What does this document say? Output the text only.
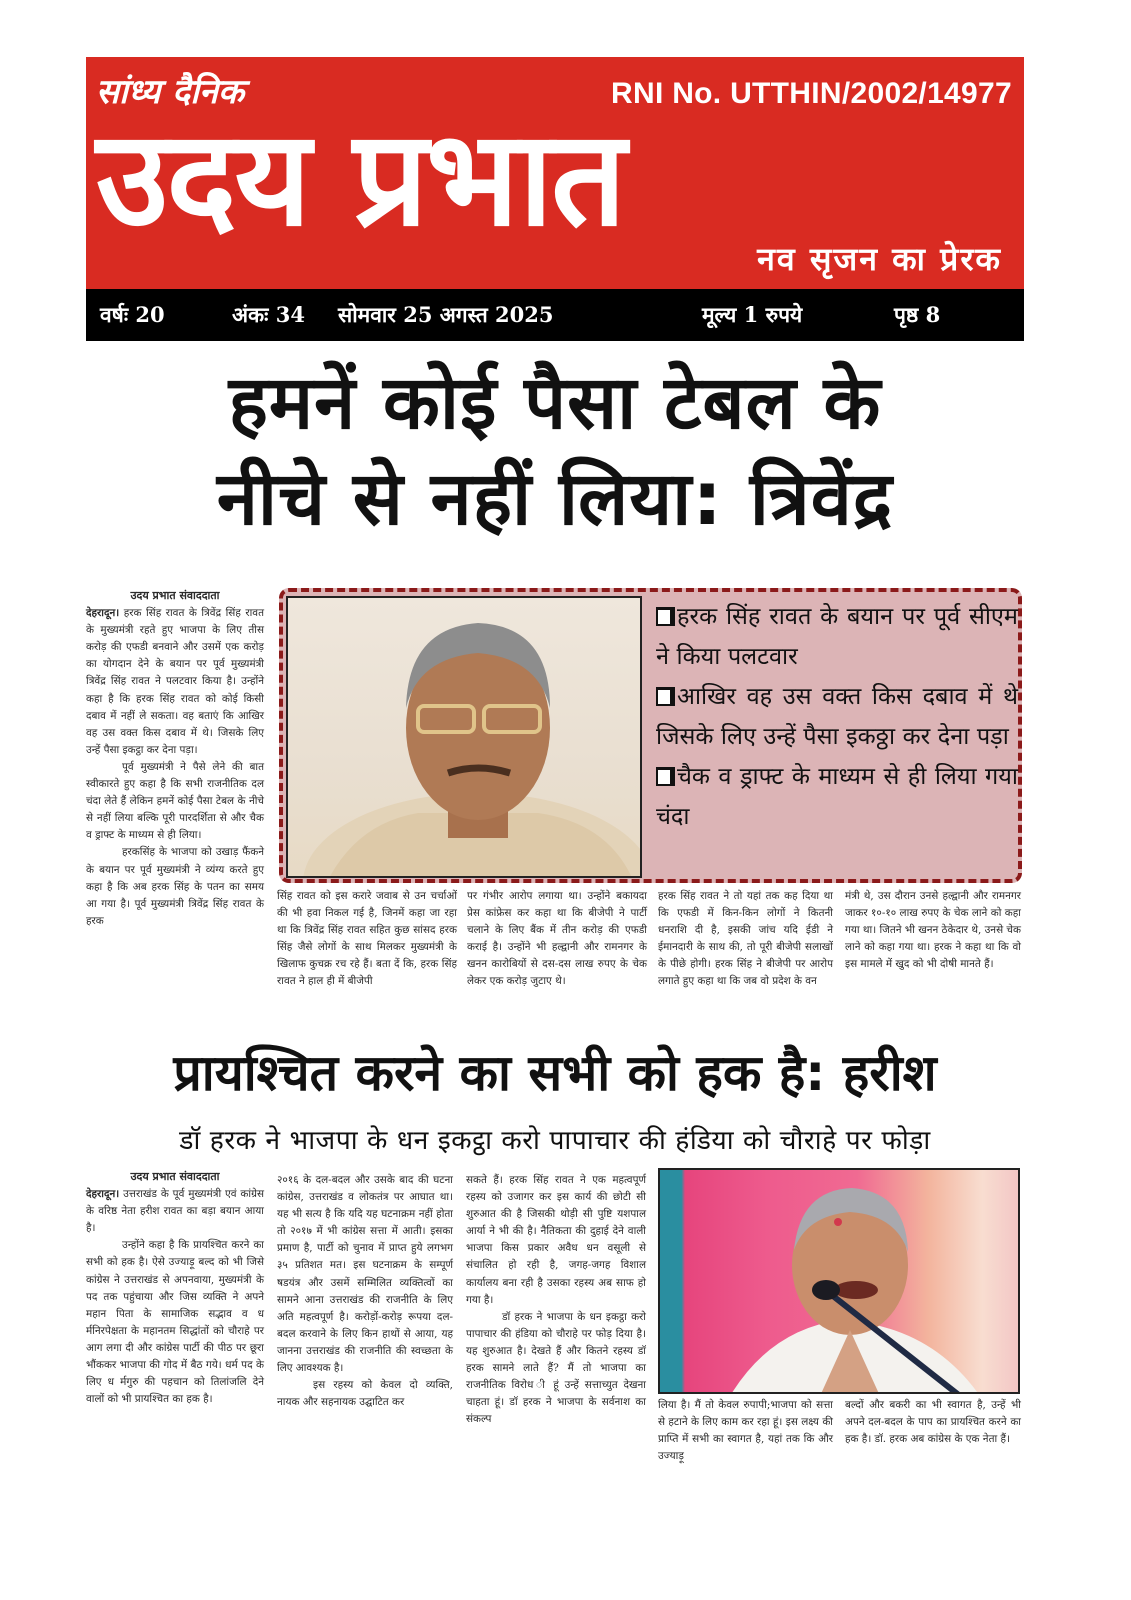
सांध्य दैनिक	RNI No. UTTHIN/2002/14977
उदय प्रभात
नव सृजन का प्रेरक
वर्षः 20	अंकः 34 सोमवार 25 अगस्त 2025	मूल्य 1 रुपये	पृष्ठ 8
हमनें कोई पैसा टेबल के
नीचे से नहीं लिया: त्रिवेंद्र
उदय प्रभात संवाददाता

देहरादून। हरक सिंह रावत के त्रिवेंद्र सिंह रावत के मुख्यमंत्री रहते हुए भाजपा के लिए तीस करोड़ की एफडी बनवाने और उसमें एक करोड़ का योगदान देने के बयान पर पूर्व मुख्यमंत्री त्रिवेंद्र सिंह रावत ने पलटवार किया है। उन्होंने कहा है कि हरक सिंह रावत को कोई किसी दबाव में नहीं ले सकता। वह बताएं कि आखिर वह उस वक्त किस दबाव में थे। जिसके लिए उन्हें पैसा इकट्ठा कर देना पड़ा।

पूर्व मुख्यमंत्री ने पैसे लेने की बात स्वीकारते हुए कहा है कि सभी राजनीतिक दल चंदा लेते हैं लेकिन हमनें कोई पैसा टेबल के नीचे से नहीं लिया बल्कि पूरी पारदर्शिता से और चैक व ड्राफ्ट के माध्यम से ही लिया।

हरकसिंह के भाजपा को उखाड़ फैंकने के बयान पर पूर्व मुख्यमंत्री ने व्यंग्य करते हुए कहा है कि अब हरक सिंह के पतन का समय आ गया है। पूर्व मुख्यमंत्री त्रिवेंद्र सिंह रावत के हरक

हरक सिंह रावत के बयान पर पूर्व सीएम ने किया पलटवार
आखिर वह उस वक्त किस दबाव में थे जिसके लिए उन्हें पैसा इकठ्ठा कर देना पड़ा
चैक व ड्राफ्ट के माध्यम से ही लिया गया चंदा

सिंह रावत को इस करारे जवाब से उन चर्चाओं की भी हवा निकल गई है, जिनमें कहा जा रहा था कि त्रिवेंद्र सिंह रावत सहित कुछ सांसद हरक सिंह जैसे लोगों के साथ मिलकर मुख्यमंत्री के खिलाफ कुचक्र रच रहे हैं। बता दें कि, हरक सिंह रावत ने हाल ही में बीजेपी

पर गंभीर आरोप लगाया था। उन्होंने बकायदा प्रेस कांफ्रेस कर कहा था कि बीजेपी ने पार्टी चलाने के लिए बैंक में तीन करोड़ की एफडी कराई है। उन्होंने भी हल्द्वानी और रामनगर के खनन कारोबियों से दस-दस लाख रुपए के चेक लेकर एक करोड़ जुटाए थे।

हरक सिंह रावत ने तो यहां तक कह दिया था कि एफडी में किन-किन लोगों ने कितनी धनराशि दी है, इसकी जांच यदि ईडी ने ईमानदारी के साथ की, तो पूरी बीजेपी सलाखों के पीछे होगी। हरक सिंह ने बीजेपी पर आरोप लगाते हुए कहा था कि जब वो प्रदेश के वन

मंत्री थे, उस दौरान उनसे हल्द्वानी और रामनगर जाकर १०-१० लाख रुपए के चेक लाने को कहा गया था। जितने भी खनन ठेकेदार थे, उनसे चेक लाने को कहा गया था। हरक ने कहा था कि वो इस मामले में खुद को भी दोषी मानते हैं।

प्रायश्चित करने का सभी को हक है: हरीश
डॉ हरक ने भाजपा के धन इकट्ठा करो पापाचार की हंडिया को चौराहे पर फोड़ा
उदय प्रभात संवाददाता

देहरादून। उत्तराखंड के पूर्व मुख्यमंत्री एवं कांग्रेस के वरिष्ठ नेता हरीश रावत का बड़ा बयान आया है।

उन्होंने कहा है कि प्रायश्चित करने का सभी को हक है। ऐसे उज्याड़ू बल्द को भी जिसे कांग्रेस ने उत्तराखंड से अपनवाया, मुख्यमंत्री के पद तक पहुंचाया और जिस व्यक्ति ने अपने महान पिता के सामाजिक सद्भाव व ध र्मनिरपेक्षता के महानतम सिद्धांतों को चौराहे पर आग लगा दी और कांग्रेस पार्टी की पीठ पर छूरा भौंककर भाजपा की गोद में बैठ गये। धर्म पद के लिए ध र्मगुरु की पहचान को तिलांजलि देने वालों को भी प्रायश्चित का हक है।

२०१६ के दल-बदल और उसके बाद की घटना कांग्रेस, उत्तराखंड व लोकतंत्र पर आघात था। यह भी सत्य है कि यदि यह घटनाक्रम नहीं होता तो २०१७ में भी कांग्रेस सत्ता में आती। इसका प्रमाण है, पार्टी को चुनाव में प्राप्त हुये लगभग ३५ प्रतिशत मत। इस घटनाक्रम के सम्पूर्ण षडयंत्र और उसमें सम्मिलित व्यक्तित्वों का सामने आना उत्तराखंड की राजनीति के लिए अति महत्वपूर्ण है। करोड़ों-करोड़ रूपया दल-बदल करवाने के लिए किन हाथों से आया, यह जानना उत्तराखंड की राजनीति की स्वच्छता के लिए आवश्यक है।

इस रहस्य को केवल दो व्यक्ति, नायक और सहनायक उद्घाटित कर

सकते हैं। हरक सिंह रावत ने एक महत्वपूर्ण रहस्य को उजागर कर इस कार्य की छोटी सी शुरुआत की है जिसकी थोड़ी सी पुष्टि यशपाल आर्या ने भी की है। नैतिकता की दुहाई देने वाली भाजपा किस प्रकार अवैध धन वसूली से संचालित हो रही है, जगह-जगह विशाल कार्यालय बना रही है उसका रहस्य अब साफ हो गया है।

डॉ हरक ने भाजपा के धन इकट्ठा करो पापाचार की हंडिया को चौराहे पर फोड़ दिया है। यह शुरुआत है। देखते हैं और कितने रहस्य डॉ हरक सामने लाते हैं? मैं तो भाजपा का राजनीतिक विरोध ी हूं उन्हें सत्ताच्युत देखना चाहता हूं। डॉ हरक ने भाजपा के सर्वनाश का संकल्प

लिया है। मैं तो केवल रुपापी;भाजपा को सत्ता से हटाने के लिए काम कर रहा हूं। इस लक्ष्य की प्राप्ति में सभी का स्वागत है, यहां तक कि और उज्याड़ू

बल्दों और बकरी का भी स्वागत है, उन्हें भी अपने दल-बदल के पाप का प्रायश्चित करने का हक है। डॉ. हरक अब कांग्रेस के एक नेता हैं।
